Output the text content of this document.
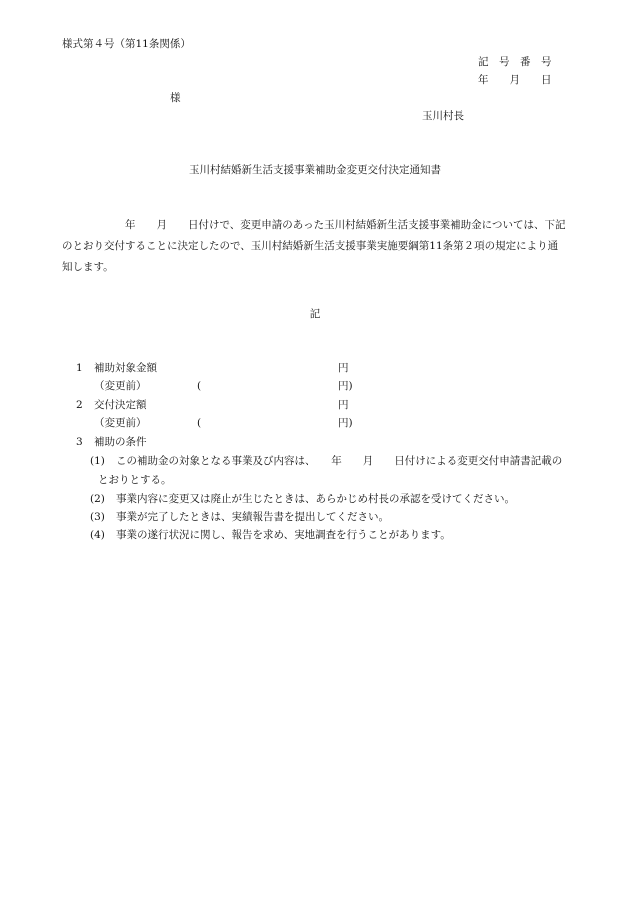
様式第４号（第11条関係）
記　号　番　号
年　　月　　日
様
玉川村長
玉川村結婚新生活支援事業補助金変更交付決定通知書
年　　月　　日付けで、変更申請のあった玉川村結婚新生活支援事業補助金については、下記のとおり交付することに決定したので、玉川村結婚新生活支援事業実施要綱第11条第２項の規定により通知します。
記
1 補助対象金額	円
（変更前）	(	円)
2 交付決定額	円
（変更前）	(	円)
3 補助の条件
(1) この補助金の対象となる事業及び内容は、　　年　　月　　日付けによる変更交付申請書記載の
とおりとする。
(2) 事業内容に変更又は廃止が生じたときは、あらかじめ村長の承認を受けてください。
(3) 事業が完了したときは、実績報告書を提出してください。
(4) 事業の遂行状況に関し、報告を求め、実地調査を行うことがあります。
